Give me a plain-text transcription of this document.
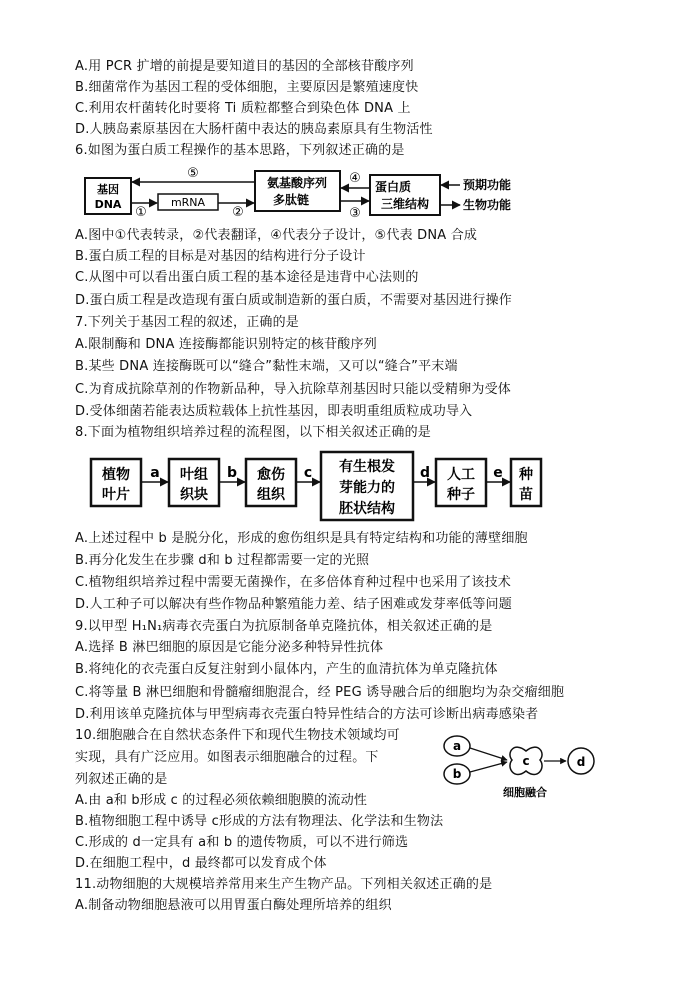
A.用 PCR 扩增的前提是要知道目的基因的全部核苷酸序列
B.细菌常作为基因工程的受体细胞，主要原因是繁殖速度快
C.利用农杆菌转化时要将 Ti 质粒都整合到染色体 DNA 上
D.人胰岛素原基因在大肠杆菌中表达的胰岛素原具有生物活性
6.如图为蛋白质工程操作的基本思路，下列叙述正确的是
基因
DNA	mRNA
氨基酸序列
多肽链
蛋白质
三维结构
⑤
①	②
④
③
预期功能
生物功能
A.图中①代表转录，②代表翻译，④代表分子设计，⑤代表 DNA 合成
B.蛋白质工程的目标是对基因的结构进行分子设计
C.从图中可以看出蛋白质工程的基本途径是违背中心法则的
D.蛋白质工程是改造现有蛋白质或制造新的蛋白质，不需要对基因进行操作
7.下列关于基因工程的叙述，正确的是
A.限制酶和 DNA 连接酶都能识别特定的核苷酸序列
B.某些 DNA 连接酶既可以“缝合”黏性末端，又可以“缝合”平末端
C.为育成抗除草剂的作物新品种，导入抗除草剂基因时只能以受精卵为受体
D.受体细菌若能表达质粒载体上抗性基因，即表明重组质粒成功导入
8.下面为植物组织培养过程的流程图，以下相关叙述正确的是
植物
叶片
a 叶组
织块
b 愈伤
组织
c 有生根发
芽能力的
胚状结构
d 人工
种子
e 种
苗
A.上述过程中 b 是脱分化，形成的愈伤组织是具有特定结构和功能的薄壁细胞
B.再分化发生在步骤 d和 b 过程都需要一定的光照
C.植物组织培养过程中需要无菌操作，在多倍体育种过程中也采用了该技术
D.人工种子可以解决有些作物品种繁殖能力差、结子困难或发芽率低等问题
9.以甲型 H₁N₁病毒衣壳蛋白为抗原制备单克隆抗体，相关叙述正确的是
A.选择 B 淋巴细胞的原因是它能分泌多种特异性抗体
B.将纯化的衣壳蛋白反复注射到小鼠体内，产生的血清抗体为单克隆抗体
C.将等量 B 淋巴细胞和骨髓瘤细胞混合，经 PEG 诱导融合后的细胞均为杂交瘤细胞
D.利用该单克隆抗体与甲型病毒衣壳蛋白特异性结合的方法可诊断出病毒感染者
10.细胞融合在自然状态条件下和现代生物技术领域均可
实现，具有广泛应用。如图表示细胞融合的过程。下
列叙述正确的是
a
b
c	d
细胞融合
A.由 a和 b形成 c 的过程必须依赖细胞膜的流动性
B.植物细胞工程中诱导 c形成的方法有物理法、化学法和生物法
C.形成的 d一定具有 a和 b 的遗传物质，可以不进行筛选
D.在细胞工程中，d 最终都可以发育成个体
11.动物细胞的大规模培养常用来生产生物产品。下列相关叙述正确的是
A.制备动物细胞悬液可以用胃蛋白酶处理所培养的组织
